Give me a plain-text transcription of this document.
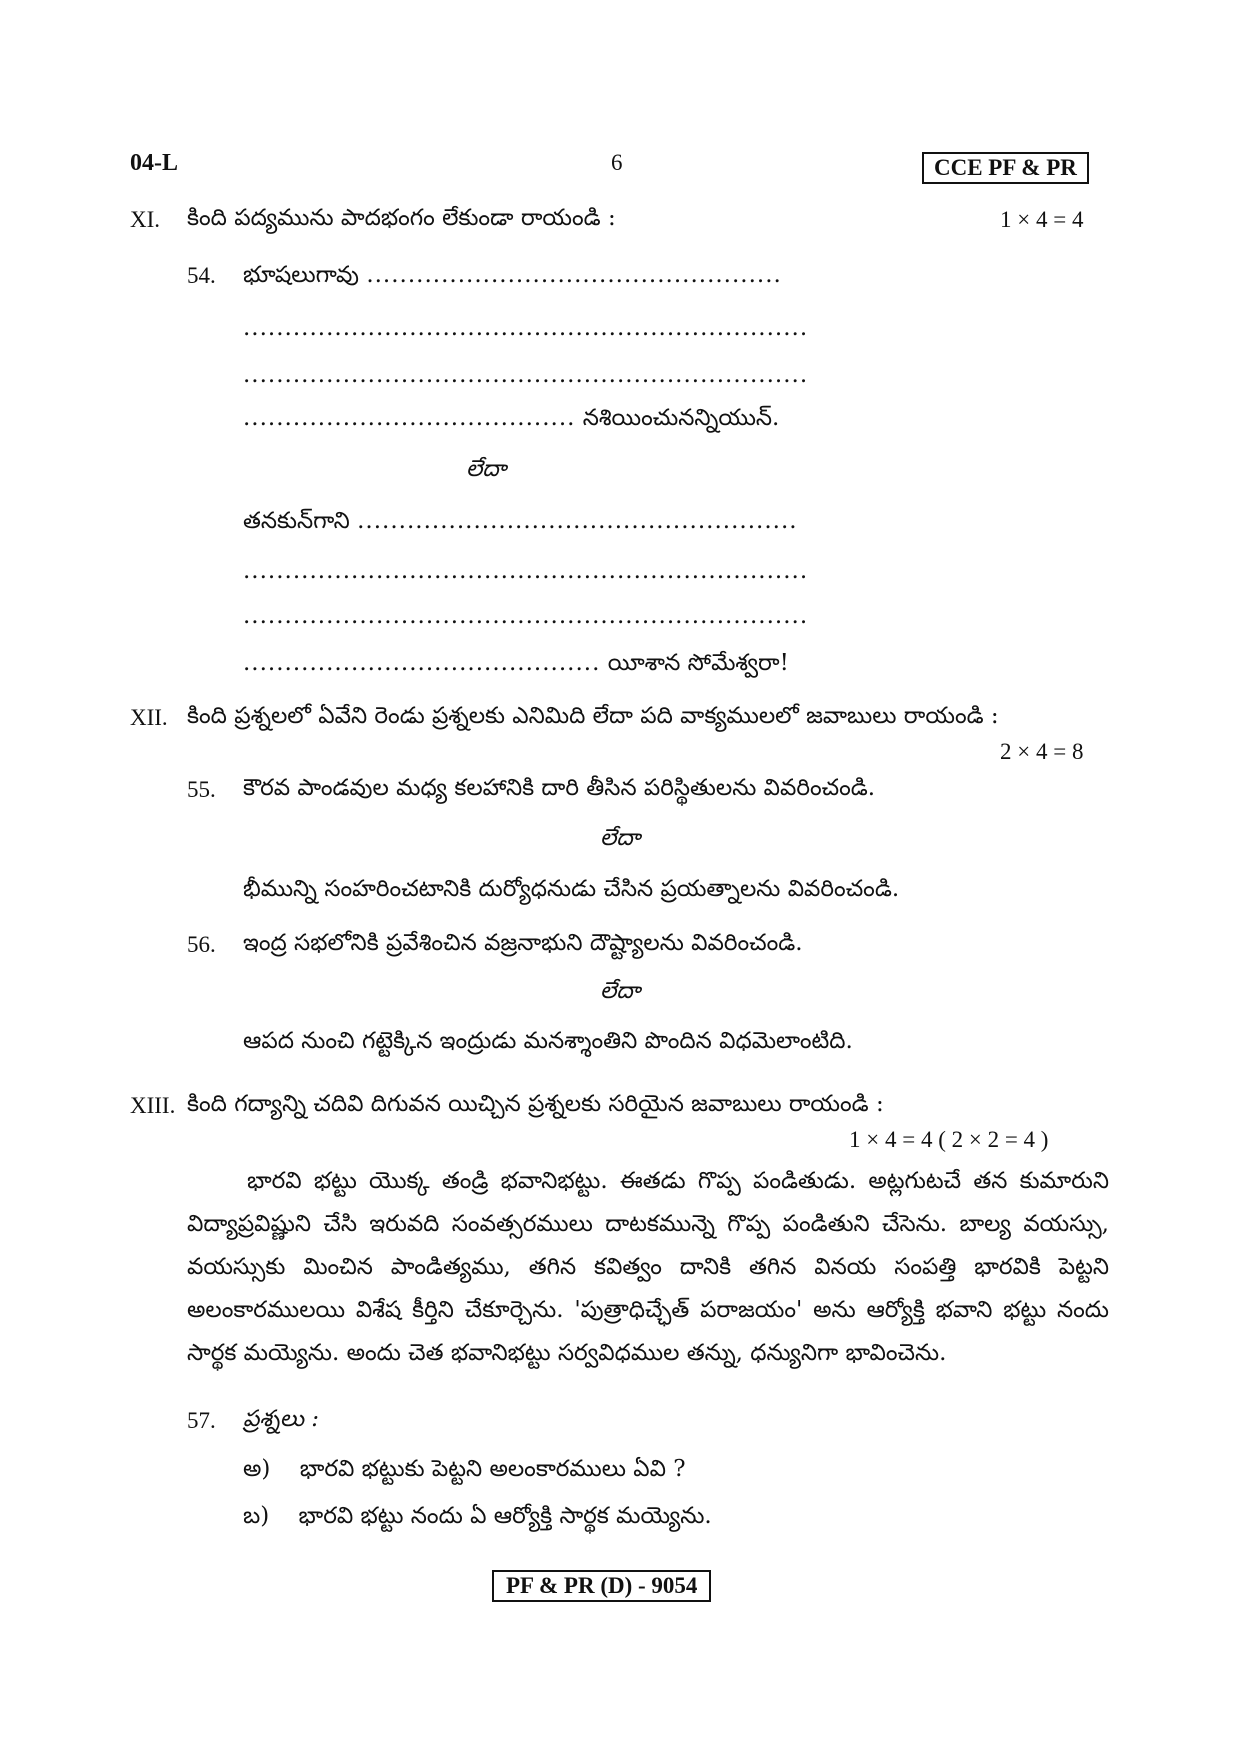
04-L	6	CCE PF & PR
XI. కింది పద్యమును పాదభంగం లేకుండా రాయండి :	1 × 4 = 4
54. భూషలుగావు ..................................................
....................................................................
....................................................................
........................................ నశియించునన్నియున్.
లేదా
తనకున్‌గాని .....................................................
....................................................................
....................................................................
........................................... యీశాన సోమేశ్వరా!
XII. కింది ప్రశ్నలలో ఏవేని రెండు ప్రశ్నలకు ఎనిమిది లేదా పది వాక్యములలో జవాబులు రాయండి :
2 × 4 = 8
55. కౌరవ పాండవుల మధ్య కలహానికి దారి తీసిన పరిస్థితులను వివరించండి.
లేదా
భీమున్ని సంహరించటానికి దుర్యోధనుడు చేసిన ప్రయత్నాలను వివరించండి.
56. ఇంద్ర సభలోనికి ప్రవేశించిన వజ్రనాభుని దౌష్ట్యాలను వివరించండి.
లేదా
ఆపద నుంచి గట్టెక్కిన ఇంద్రుడు మనశ్శాంతిని పొందిన విధమెలాంటిది.
XIII. కింది గద్యాన్ని చదివి దిగువన యిచ్చిన ప్రశ్నలకు సరియైన జవాబులు రాయండి :
1 × 4 = 4 ( 2 × 2 = 4 )
భారవి భట్టు యొక్క తండ్రి భవానిభట్టు. ఈతడు గొప్ప పండితుడు. అట్లగుటచే తన కుమారుని విద్యాప్రవిష్ణుని చేసి ఇరువది సంవత్సరములు దాటకమున్నె గొప్ప పండితుని చేసెను. బాల్య వయస్సు, వయస్సుకు మించిన పాండిత్యము, తగిన కవిత్వం దానికి తగిన వినయ సంపత్తి భారవికి పెట్టని అలంకారములయి విశేష కీర్తిని చేకూర్చెను. 'పుత్రాధిచ్ఛేత్ పరాజయం' అను ఆర్యోక్తి భవాని భట్టు నందు సార్థక మయ్యెను. అందు చెత భవానిభట్టు సర్వవిధముల తన్ను, ధన్యునిగా భావించెను.
57. ప్రశ్నలు :
అ) భారవి భట్టుకు పెట్టని అలంకారములు ఏవి ?
బ) భారవి భట్టు నందు ఏ ఆర్యోక్తి సార్థక మయ్యెను.
PF & PR (D) - 9054
